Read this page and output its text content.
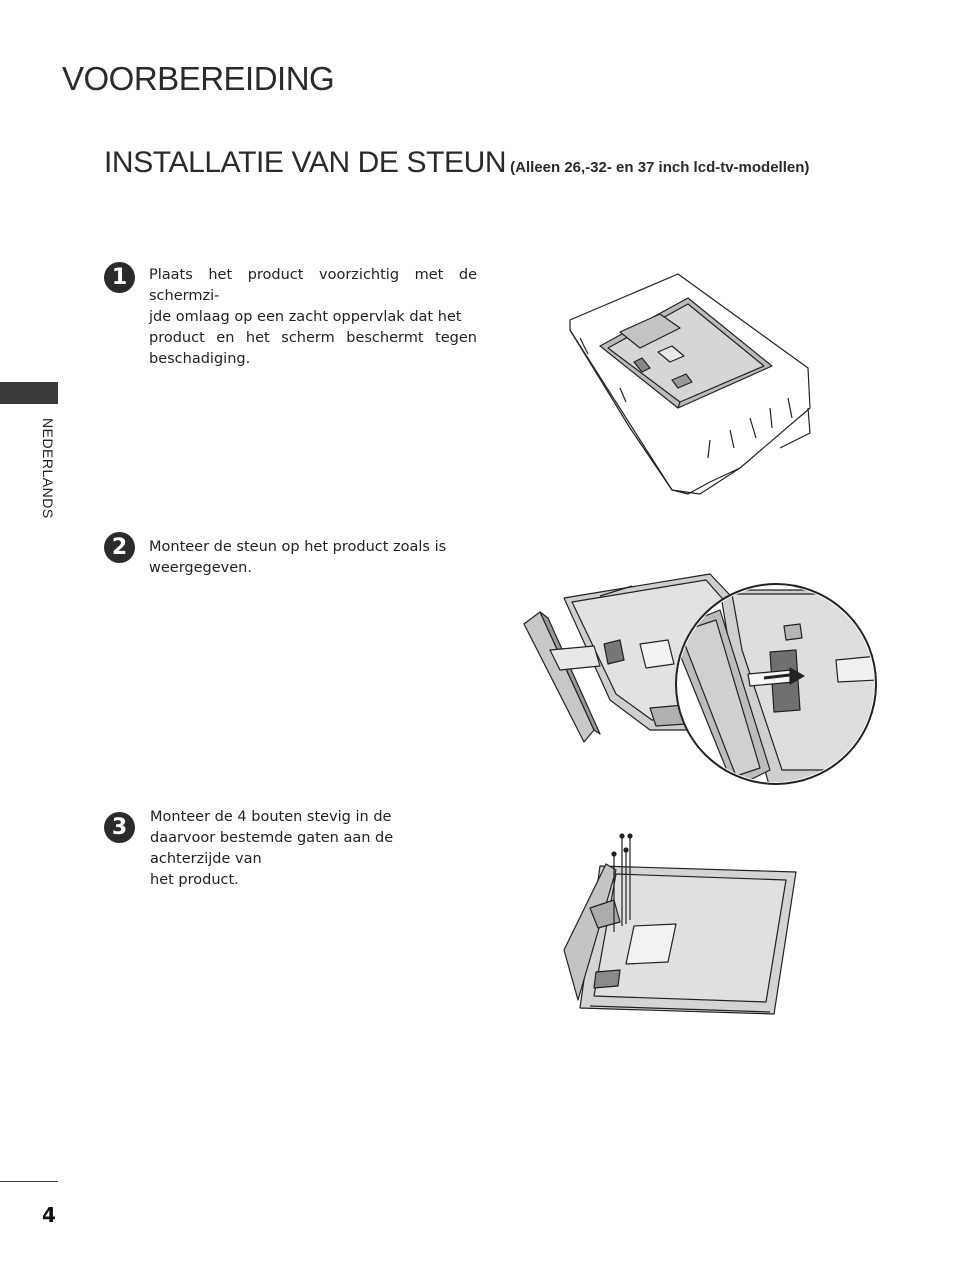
VOORBEREIDING
INSTALLATIE VAN DE STEUN (Alleen 26,-32- en 37 inch lcd-tv-modellen)
NEDERLANDS
1	Plaats het product voorzichtig met de schermzi-
jde omlaag op een zacht oppervlak dat het
product en het scherm beschermt tegen
beschadiging.
2	Monteer de steun op het product zoals is
weergegeven.
3	Monteer de 4 bouten stevig in de
daarvoor bestemde gaten aan de achterzijde van
het product.
4
